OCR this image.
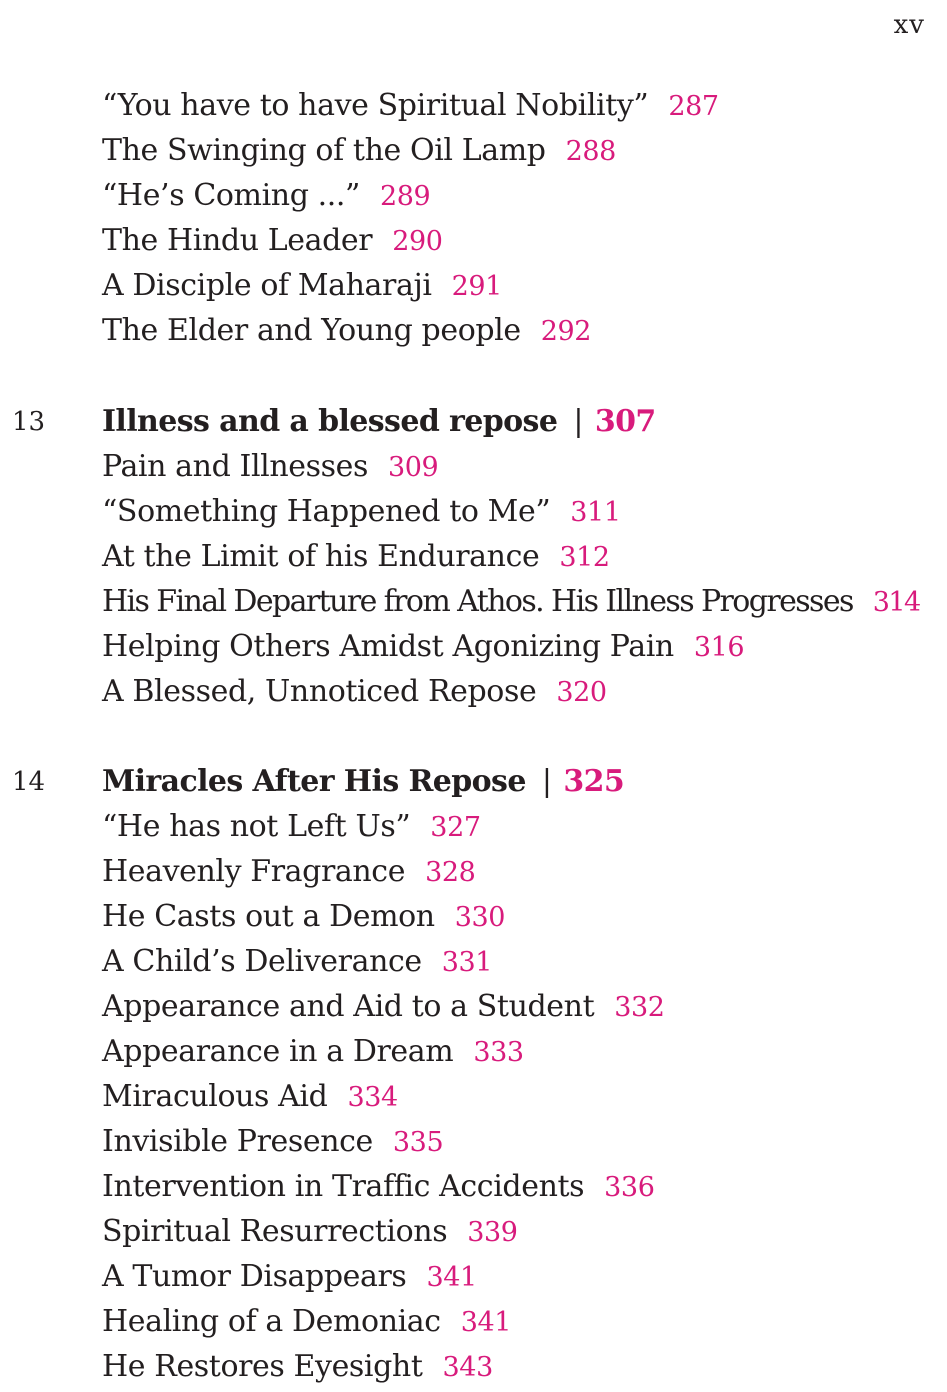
xv
“You have to have Spiritual Nobility” 287
The Swinging of the Oil Lamp 288
“He’s Coming ...” 289
The Hindu Leader 290
A Disciple of Maharaji 291
The Elder and Young people 292
13 Illness and a blessed repose | 307
Pain and Illnesses 309
“Something Happened to Me” 311
At the Limit of his Endurance 312
His Final Departure from Athos. His Illness Progresses 314
Helping Others Amidst Agonizing Pain 316
A Blessed, Unnoticed Repose 320
14 Miracles After His Repose | 325
“He has not Left Us” 327
Heavenly Fragrance 328
He Casts out a Demon 330
A Child’s Deliverance 331
Appearance and Aid to a Student 332
Appearance in a Dream 333
Miraculous Aid 334
Invisible Presence 335
Intervention in Traffic Accidents 336
Spiritual Resurrections 339
A Tumor Disappears 341
Healing of a Demoniac 341
He Restores Eyesight 343
